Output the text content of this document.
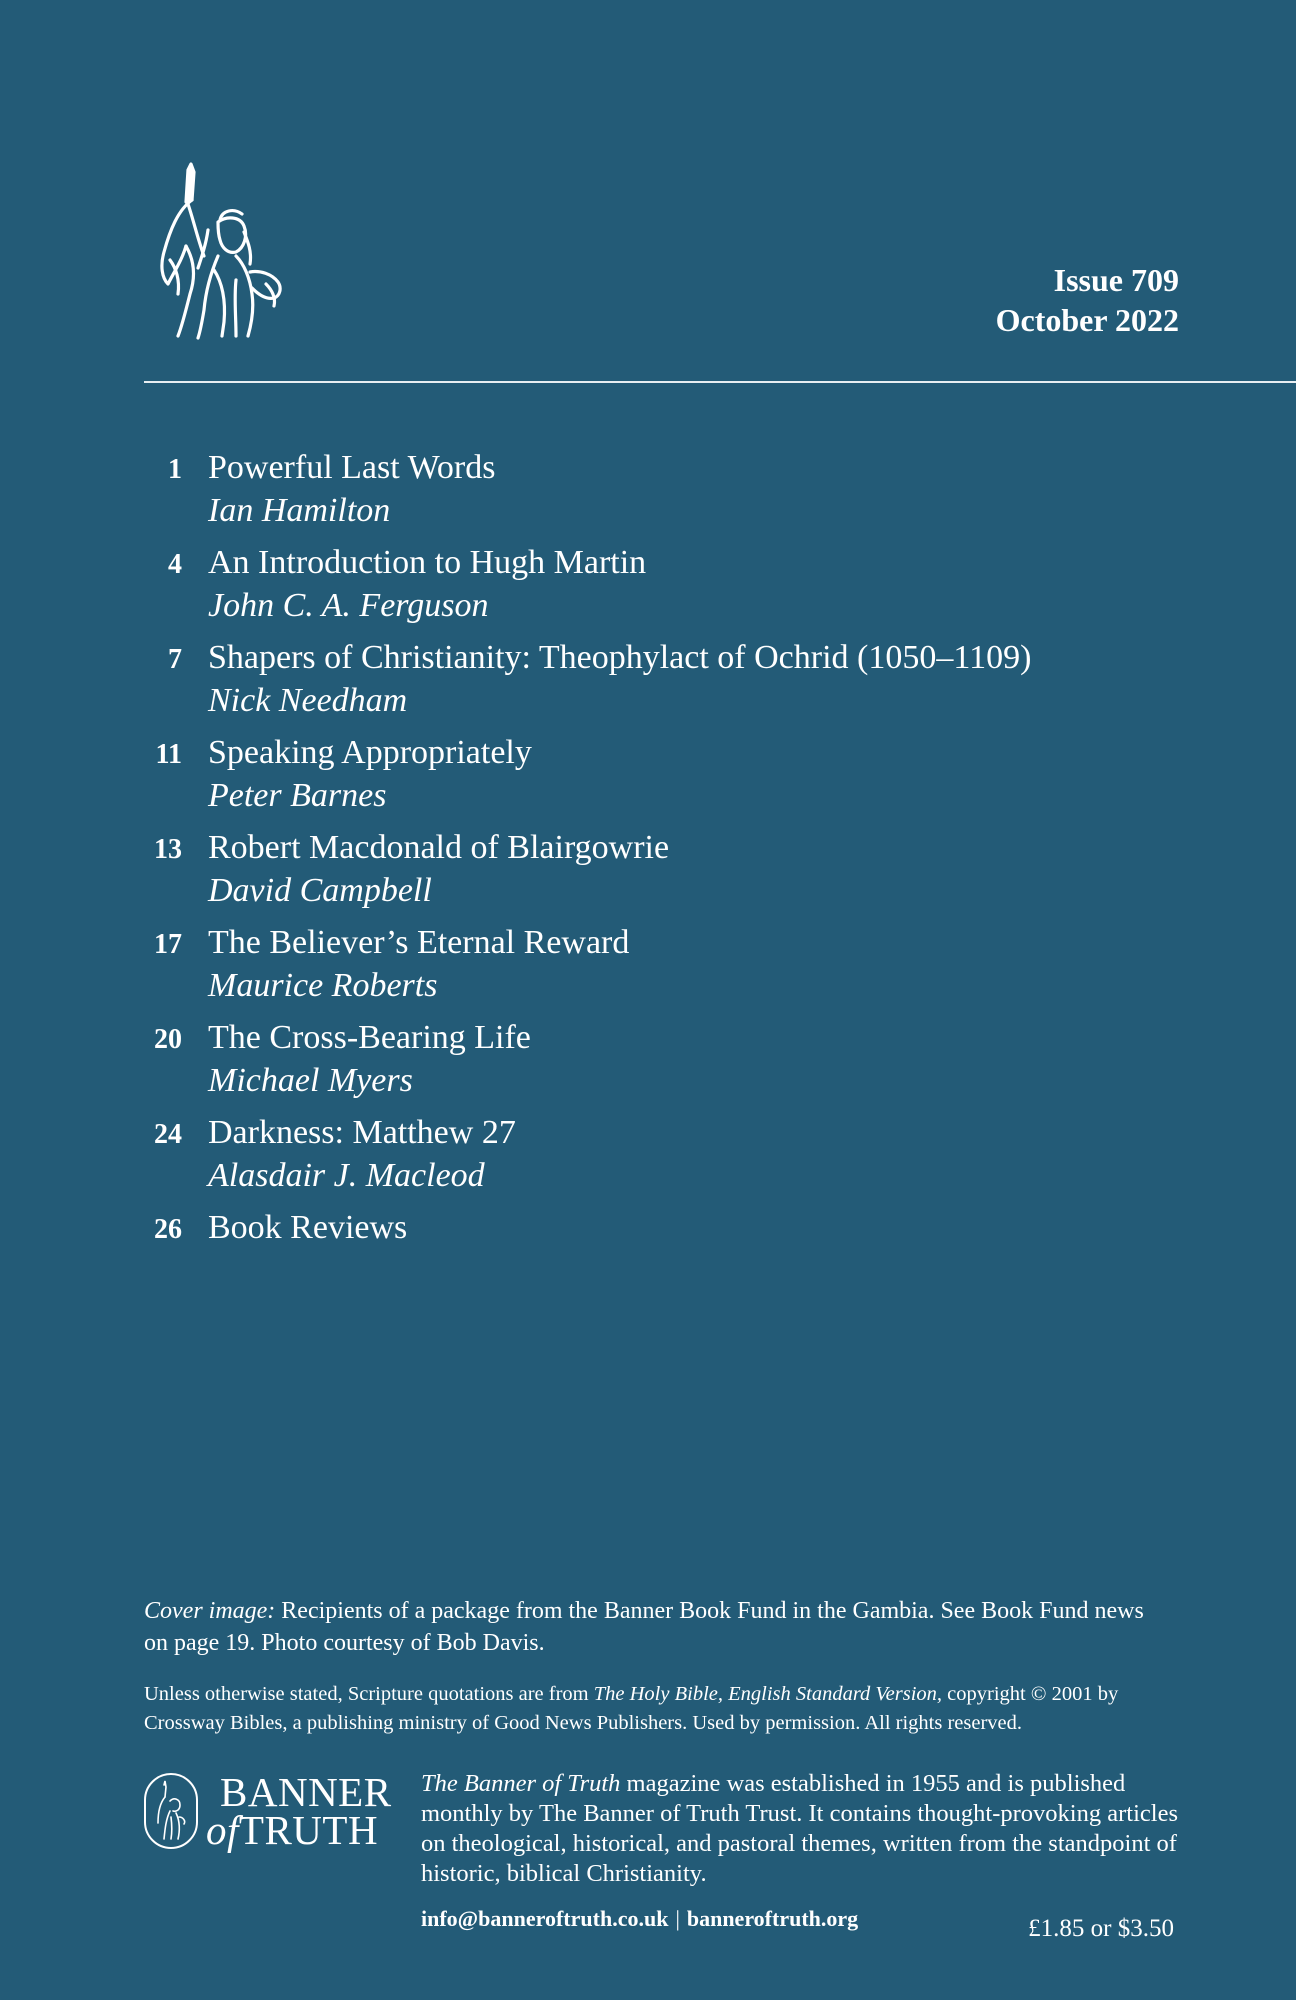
Issue 709
October 2022
1 Powerful Last Words
Ian Hamilton
4 An Introduction to Hugh Martin
John C. A. Ferguson
7 Shapers of Christianity: Theophylact of Ochrid (1050–1109)
Nick Needham
11 Speaking Appropriately
Peter Barnes
13 Robert Macdonald of Blairgowrie
David Campbell
17 The Believer’s Eternal Reward
Maurice Roberts
20 The Cross-Bearing Life
Michael Myers
24 Darkness: Matthew 27
Alasdair J. Macleod
26 Book Reviews
Cover image: Recipients of a package from the Banner Book Fund in the Gambia. See Book Fund news on page 19. Photo courtesy of Bob Davis.
Unless otherwise stated, Scripture quotations are from The Holy Bible, English Standard Version, copyright © 2001 by Crossway Bibles, a publishing ministry of Good News Publishers. Used by permission. All rights reserved.
BANNER
ofTRUTH
The Banner of Truth magazine was established in 1955 and is published monthly by The Banner of Truth Trust. It contains thought-provoking articles on theological, historical, and pastoral themes, written from the standpoint of historic, biblical Christianity.
info@banneroftruth.co.uk | banneroftruth.org	£1.85 or $3.50
